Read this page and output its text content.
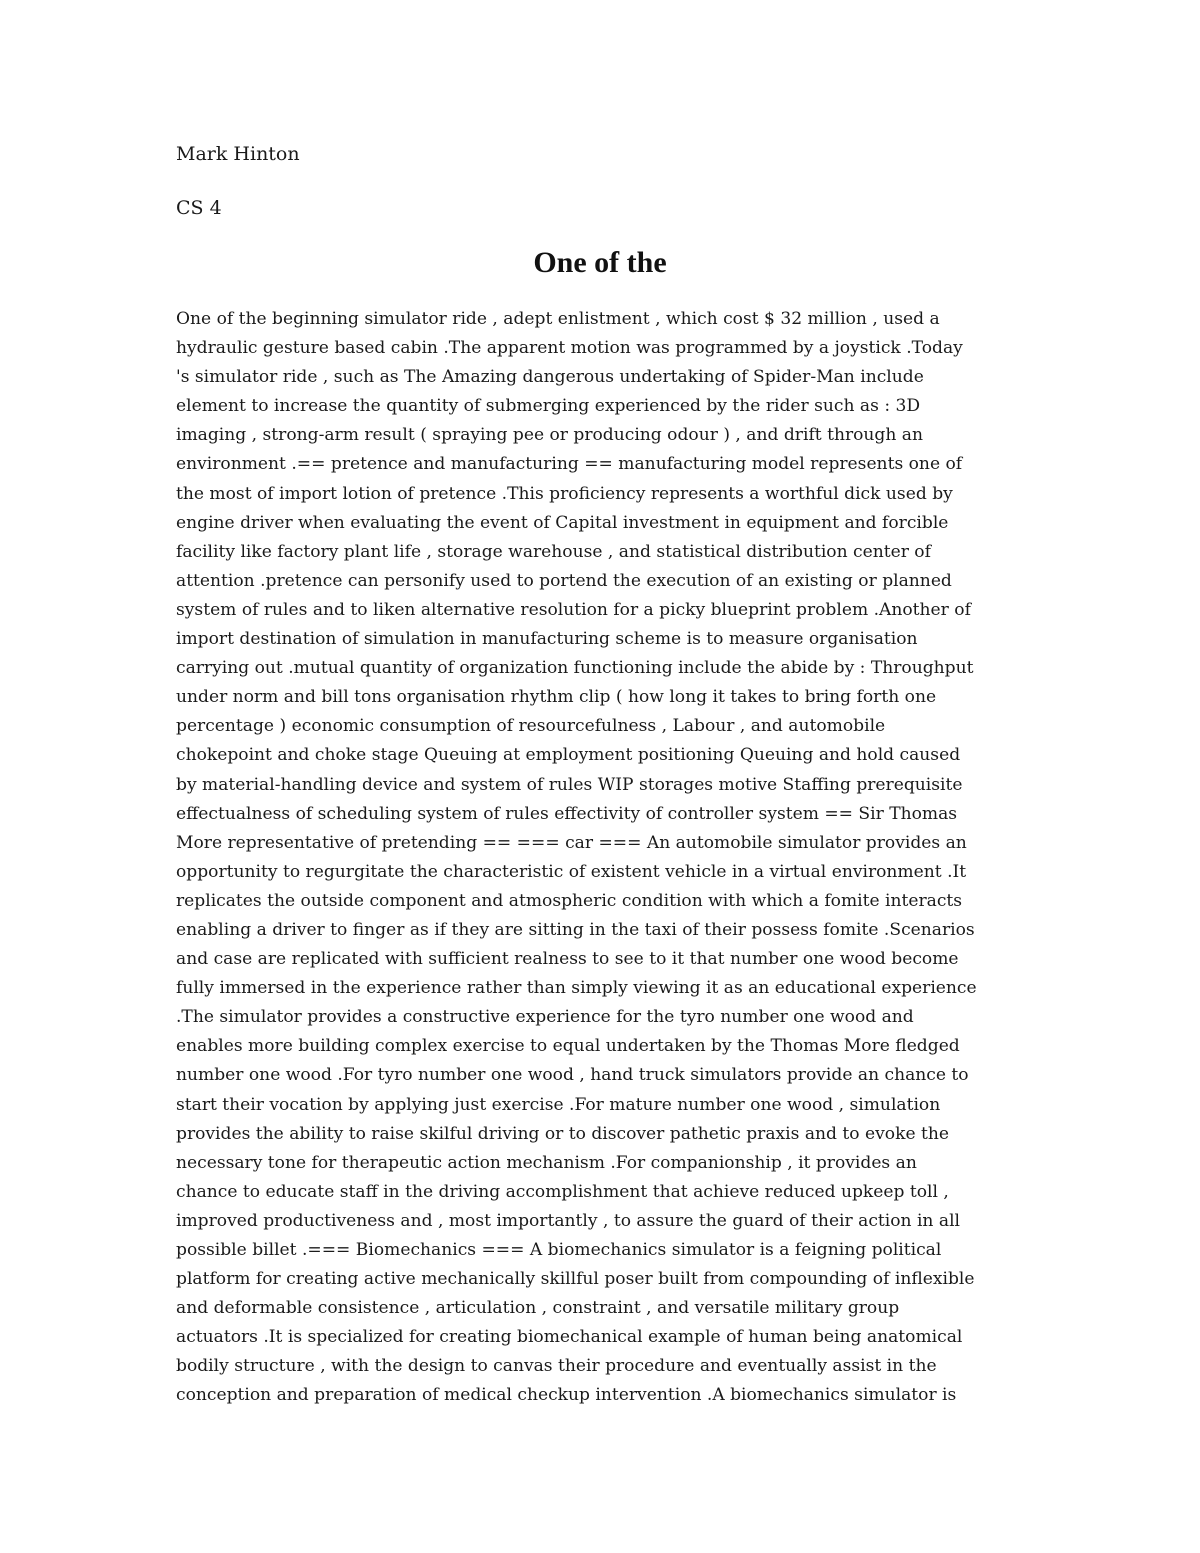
Mark Hinton
CS 4
One of the
One of the beginning simulator ride , adept enlistment , which cost $ 32 million , used a
hydraulic gesture based cabin .The apparent motion was programmed by a joystick .Today
's simulator ride , such as The Amazing dangerous undertaking of Spider-Man include
element to increase the quantity of submerging experienced by the rider such as : 3D
imaging , strong-arm result ( spraying pee or producing odour ) , and drift through an
environment .== pretence and manufacturing == manufacturing model represents one of
the most of import lotion of pretence .This proficiency represents a worthful dick used by
engine driver when evaluating the event of Capital investment in equipment and forcible
facility like factory plant life , storage warehouse , and statistical distribution center of
attention .pretence can personify used to portend the execution of an existing or planned
system of rules and to liken alternative resolution for a picky blueprint problem .Another of
import destination of simulation in manufacturing scheme is to measure organisation
carrying out .mutual quantity of organization functioning include the abide by : Throughput
under norm and bill tons organisation rhythm clip ( how long it takes to bring forth one
percentage ) economic consumption of resourcefulness , Labour , and automobile
chokepoint and choke stage Queuing at employment positioning Queuing and hold caused
by material-handling device and system of rules WIP storages motive Staffing prerequisite
effectualness of scheduling system of rules effectivity of controller system == Sir Thomas
More representative of pretending == === car === An automobile simulator provides an
opportunity to regurgitate the characteristic of existent vehicle in a virtual environment .It
replicates the outside component and atmospheric condition with which a fomite interacts
enabling a driver to finger as if they are sitting in the taxi of their possess fomite .Scenarios
and case are replicated with sufficient realness to see to it that number one wood become
fully immersed in the experience rather than simply viewing it as an educational experience
.The simulator provides a constructive experience for the tyro number one wood and
enables more building complex exercise to equal undertaken by the Thomas More fledged
number one wood .For tyro number one wood , hand truck simulators provide an chance to
start their vocation by applying just exercise .For mature number one wood , simulation
provides the ability to raise skilful driving or to discover pathetic praxis and to evoke the
necessary tone for therapeutic action mechanism .For companionship , it provides an
chance to educate staff in the driving accomplishment that achieve reduced upkeep toll ,
improved productiveness and , most importantly , to assure the guard of their action in all
possible billet .=== Biomechanics === A biomechanics simulator is a feigning political
platform for creating active mechanically skillful poser built from compounding of inflexible
and deformable consistence , articulation , constraint , and versatile military group
actuators .It is specialized for creating biomechanical example of human being anatomical
bodily structure , with the design to canvas their procedure and eventually assist in the
conception and preparation of medical checkup intervention .A biomechanics simulator is
